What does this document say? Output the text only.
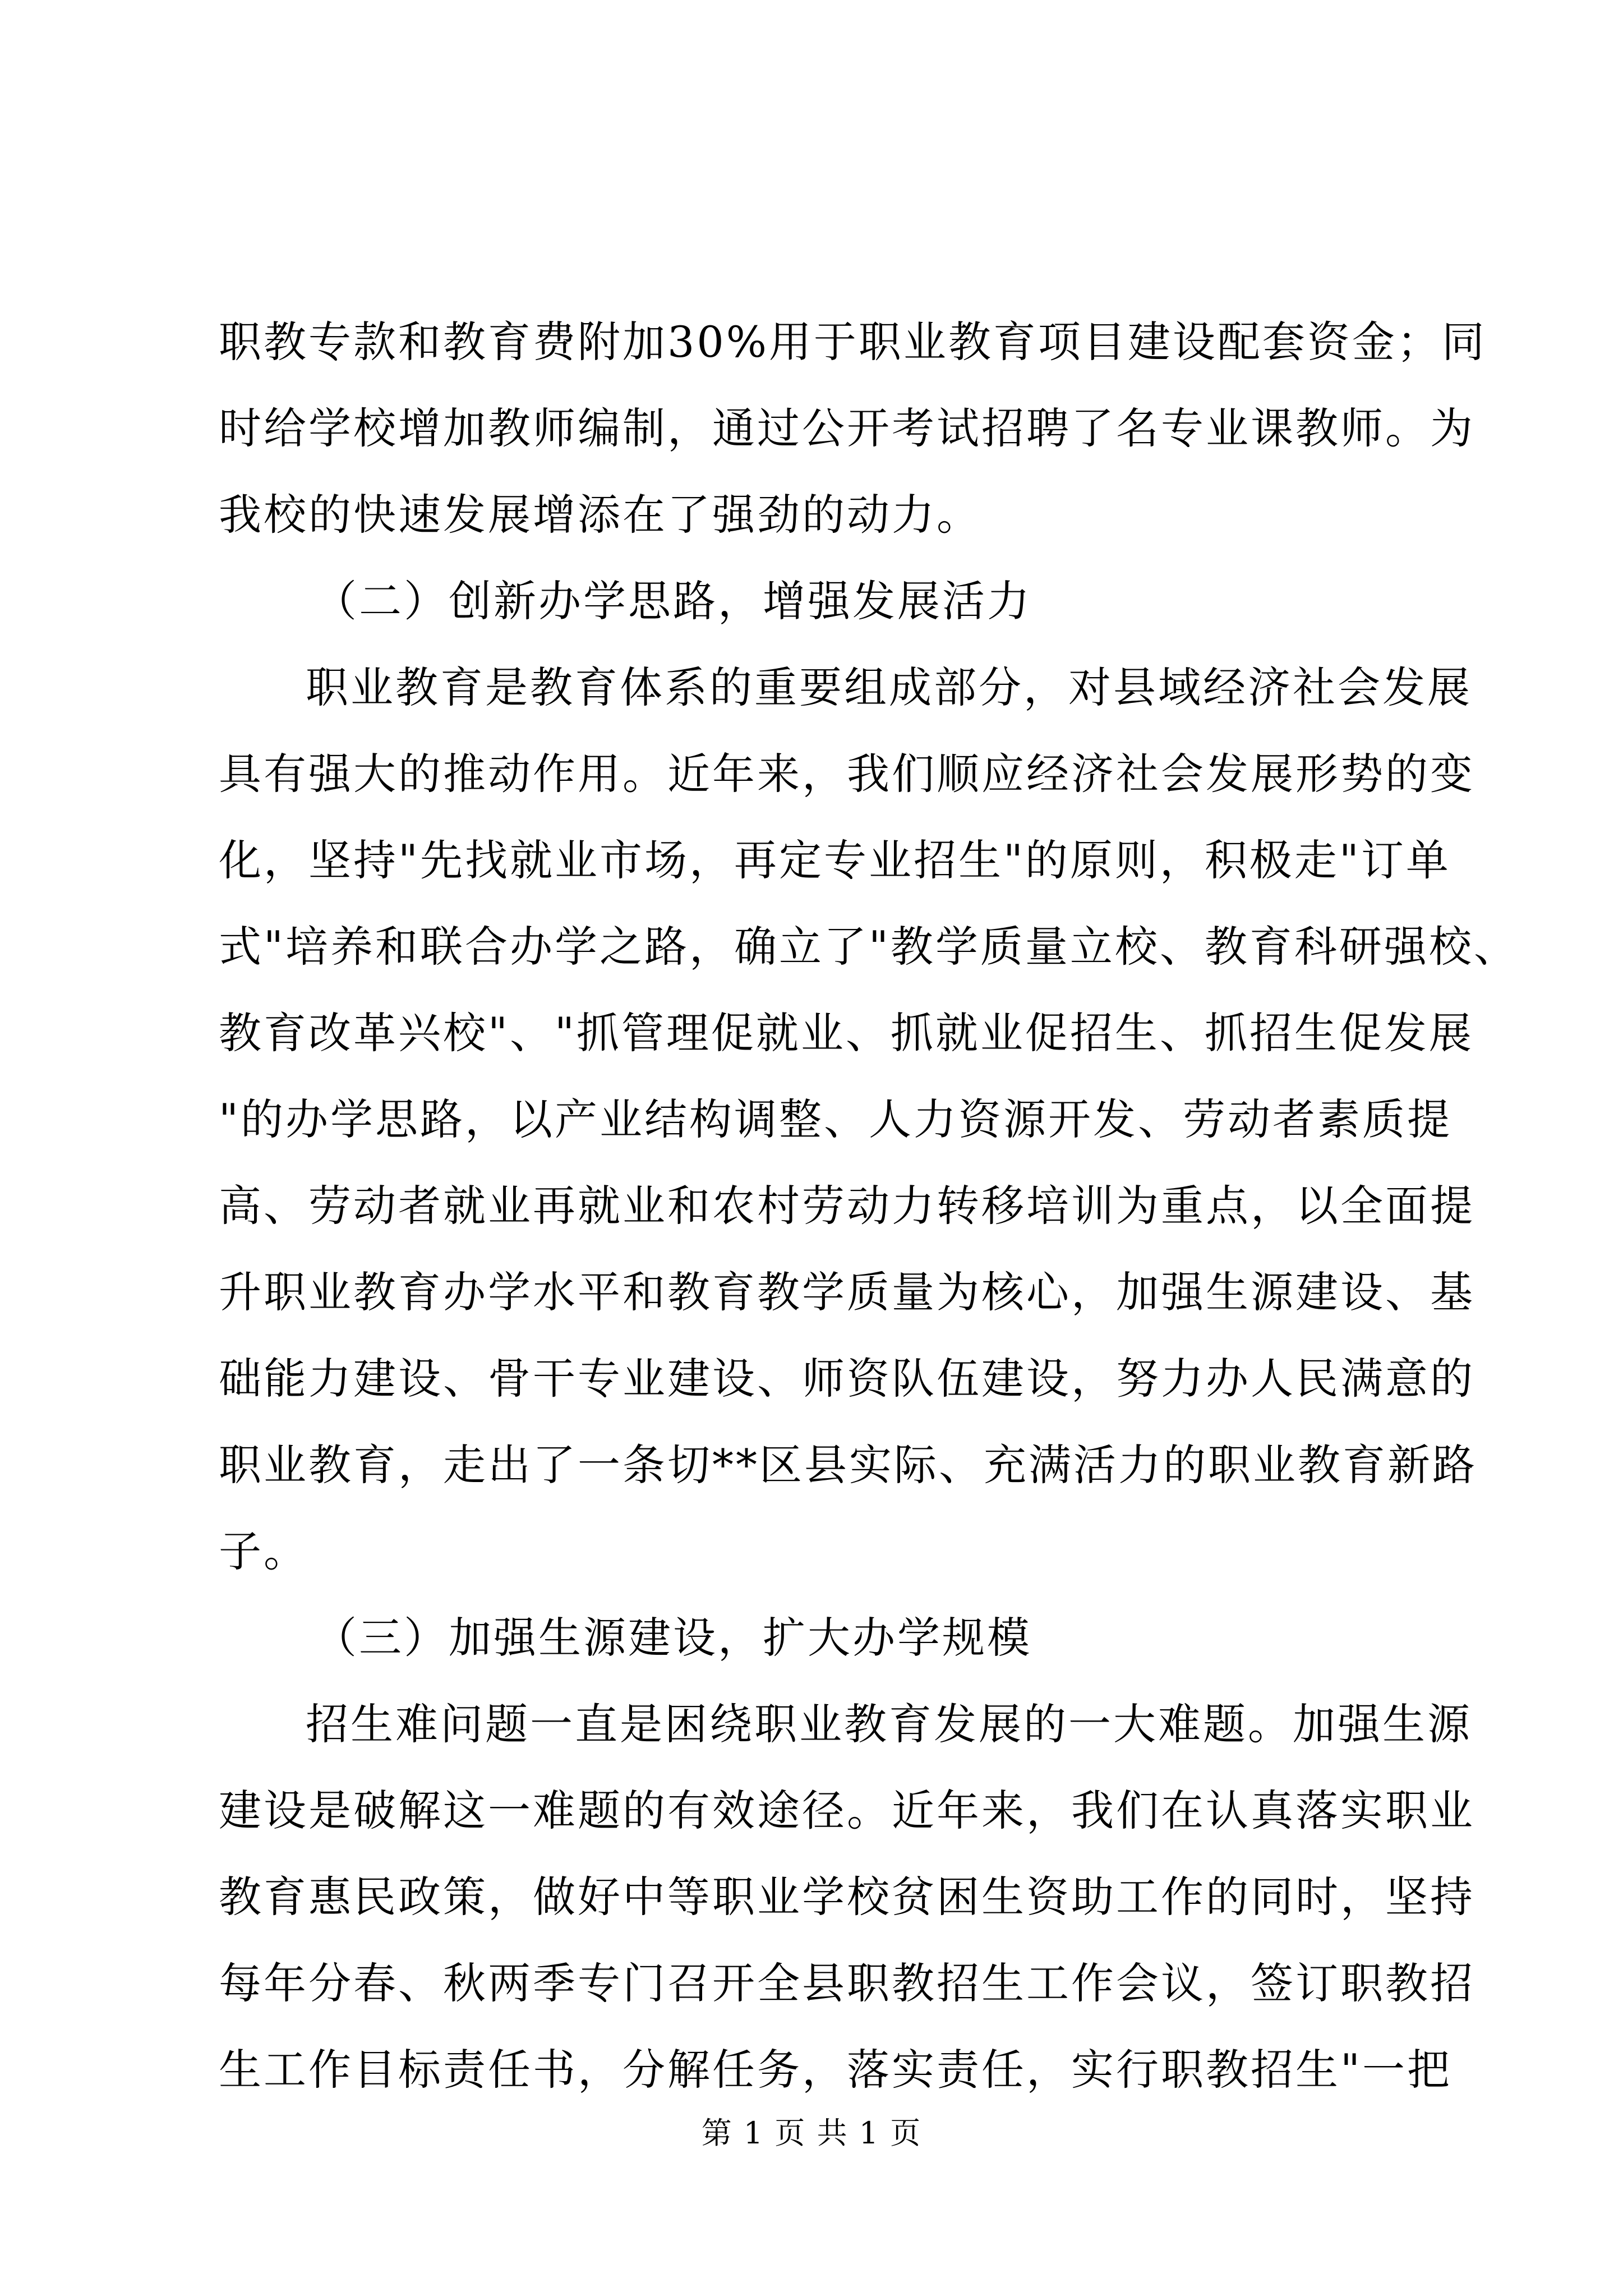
职教专款和教育费附加30%用于职业教育项目建设配套资金；同
时给学校增加教师编制，通过公开考试招聘了名专业课教师。为
我校的快速发展增添在了强劲的动力。
（二）创新办学思路，增强发展活力
职业教育是教育体系的重要组成部分，对县域经济社会发展
具有强大的推动作用。近年来，我们顺应经济社会发展形势的变
化，坚持"先找就业市场，再定专业招生"的原则，积极走"订单
式"培养和联合办学之路，确立了"教学质量立校、教育科研强校、
教育改革兴校"、"抓管理促就业、抓就业促招生、抓招生促发展
"的办学思路，以产业结构调整、人力资源开发、劳动者素质提
高、劳动者就业再就业和农村劳动力转移培训为重点，以全面提
升职业教育办学水平和教育教学质量为核心，加强生源建设、基
础能力建设、骨干专业建设、师资队伍建设，努力办人民满意的
职业教育，走出了一条切**区县实际、充满活力的职业教育新路
子。
（三）加强生源建设，扩大办学规模
招生难问题一直是困绕职业教育发展的一大难题。加强生源
建设是破解这一难题的有效途径。近年来，我们在认真落实职业
教育惠民政策，做好中等职业学校贫困生资助工作的同时，坚持
每年分春、秋两季专门召开全县职教招生工作会议，签订职教招
生工作目标责任书，分解任务，落实责任，实行职教招生"一把
第 1 页 共 1 页
